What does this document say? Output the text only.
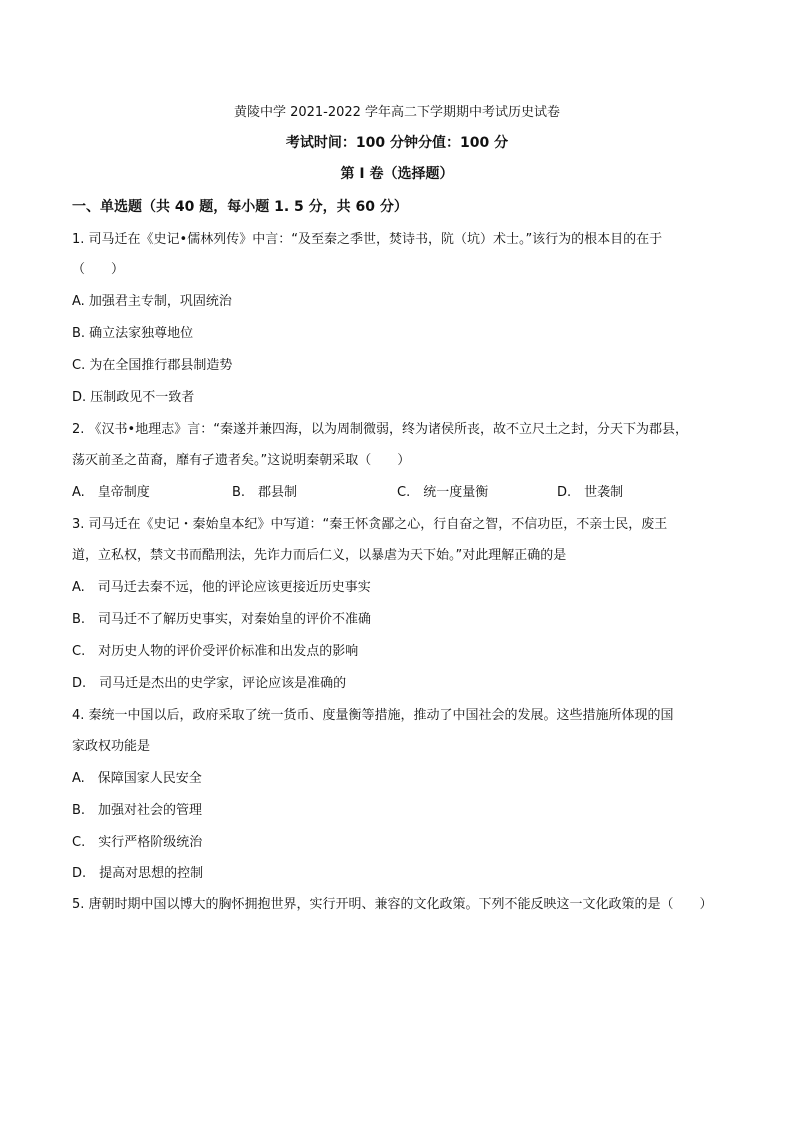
黄陵中学 2021-2022 学年高二下学期期中考试历史试卷
考试时间：100 分钟分值：100 分
第 I 卷（选择题）
一、单选题（共 40 题，每小题 1. 5 分，共 60 分）
1. 司马迁在《史记•儒林列传》中言：“及至秦之季世，焚诗书，阬（坑）术士。”该行为的根本目的在于
（　　）
A. 加强君主专制，巩固统治
B. 确立法家独尊地位
C. 为在全国推行郡县制造势
D. 压制政见不一致者
2. 《汉书•地理志》言：“秦遂并兼四海，以为周制微弱，终为诸侯所丧，故不立尺土之封，分天下为郡县，
荡灭前圣之苗裔，靡有孑遗者矣。”这说明秦朝采取（　　）
A.　皇帝制度	B.　郡县制	C.　统一度量衡	D.　世袭制
3. 司马迁在《史记・秦始皇本纪》中写道：“秦王怀贪鄙之心，行自奋之智，不信功臣，不亲士民，废王
道，立私权，禁文书而酷刑法，先诈力而后仁义，以暴虐为天下始。”对此理解正确的是
A.　司马迁去秦不远，他的评论应该更接近历史事实
B.　司马迁不了解历史事实，对秦始皇的评价不准确
C.　对历史人物的评价受评价标准和出发点的影响
D.　司马迁是杰出的史学家，评论应该是准确的
4. 秦统一中国以后，政府采取了统一货币、度量衡等措施，推动了中国社会的发展。这些措施所体现的国
家政权功能是
A.　保障国家人民安全
B.　加强对社会的管理
C.　实行严格阶级统治
D.　提高对思想的控制
5. 唐朝时期中国以博大的胸怀拥抱世界，实行开明、兼容的文化政策。下列不能反映这一文化政策的是（　　）
